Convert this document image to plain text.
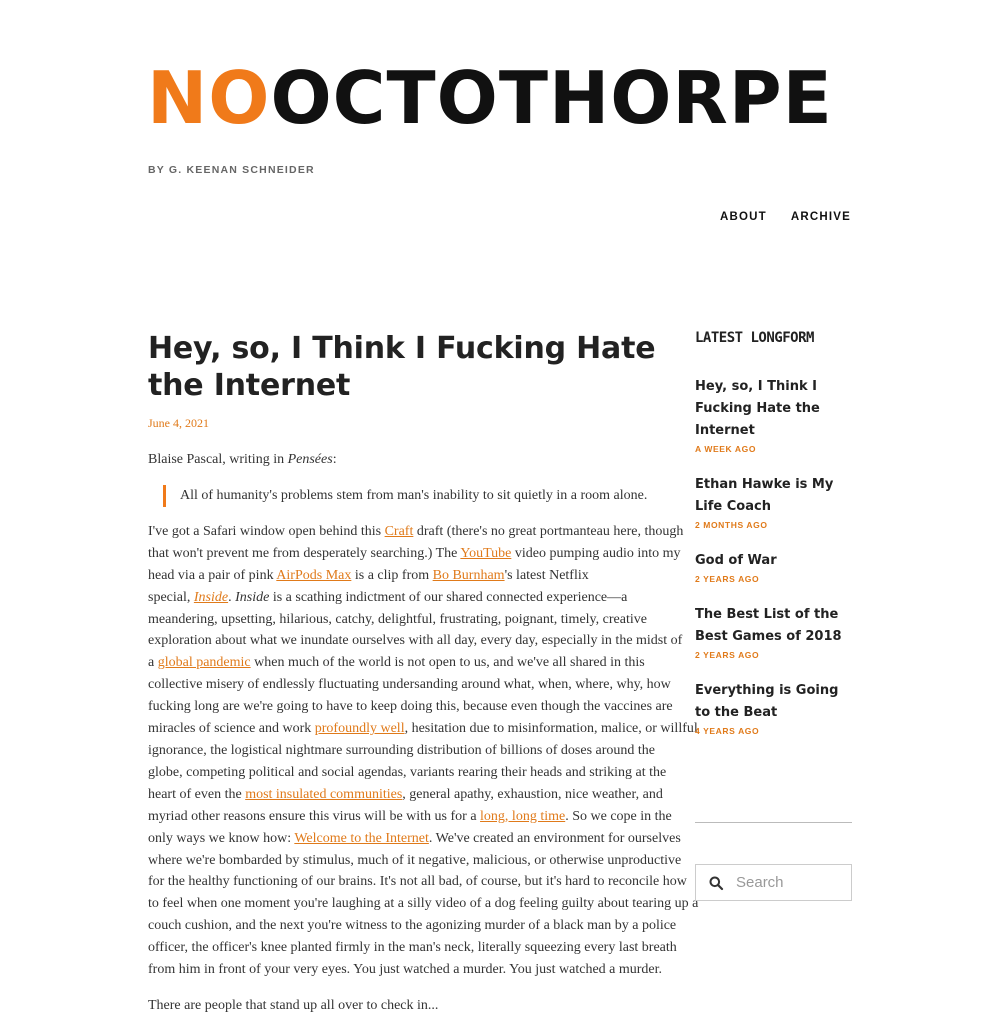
NOOCTOTHORPE
BY G. KEENAN SCHNEIDER
ABOUT ARCHIVE
Hey, so, I Think I Fucking Hate the Internet
June 4, 2021

Blaise Pascal, writing in Pensées:

All of humanity's problems stem from man's inability to sit quietly in a room alone.

I've got a Safari window open behind this Craft draft (there's no great portmanteau here, though
that won't prevent me from desperately searching.) The YouTube video pumping audio into my
head via a pair of pink AirPods Max is a clip from Bo Burnham's latest Netflix
special, Inside. Inside is a scathing indictment of our shared connected experience—a
meandering, upsetting, hilarious, catchy, delightful, frustrating, poignant, timely, creative
exploration about what we inundate ourselves with all day, every day, especially in the midst of
a global pandemic when much of the world is not open to us, and we've all shared in this
collective misery of endlessly fluctuating undersanding around what, when, where, why, how
fucking long are we're going to have to keep doing this, because even though the vaccines are
miracles of science and work profoundly well, hesitation due to misinformation, malice, or willful
ignorance, the logistical nightmare surrounding distribution of billions of doses around the
globe, competing political and social agendas, variants rearing their heads and striking at the
heart of even the most insulated communities, general apathy, exhaustion, nice weather, and
myriad other reasons ensure this virus will be with us for a long, long time. So we cope in the
only ways we know how: Welcome to the Internet. We've created an environment for ourselves
where we're bombarded by stimulus, much of it negative, malicious, or otherwise unproductive
for the healthy functioning of our brains. It's not all bad, of course, but it's hard to reconcile how
to feel when one moment you're laughing at a silly video of a dog feeling guilty about tearing up a
couch cushion, and the next you're witness to the agonizing murder of a black man by a police
officer, the officer's knee planted firmly in the man's neck, literally squeezing every last breath
from him in front of your very eyes. You just watched a murder. You just watched a murder.

There are people that stand up all over to check in...

LATEST LONGFORM
Hey, so, I Think I Fucking Hate the Internet
A WEEK AGO
Ethan Hawke is My Life Coach
2 MONTHS AGO
God of War
2 YEARS AGO
The Best List of the Best Games of 2018
2 YEARS AGO
Everything is Going to the Beat
4 YEARS AGO
Search
